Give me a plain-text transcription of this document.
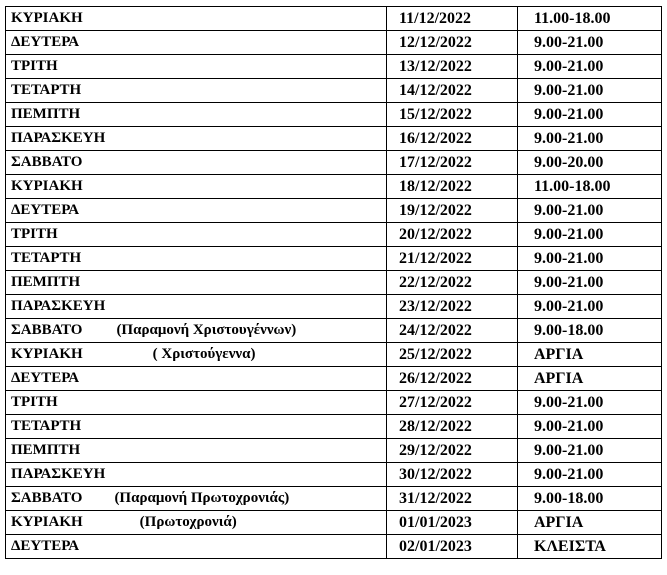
ΚΥΡΙΑΚΗ	11/12/2022	11.00-18.00
ΔΕΥΤΕΡΑ	12/12/2022	9.00-21.00
ΤΡΙΤΗ	13/12/2022	9.00-21.00
ΤΕΤΑΡΤΗ	14/12/2022	9.00-21.00
ΠΕΜΠΤΗ	15/12/2022	9.00-21.00
ΠΑΡΑΣΚΕΥΗ	16/12/2022	9.00-21.00
ΣΑΒΒΑΤΟ	17/12/2022	9.00-20.00
ΚΥΡΙΑΚΗ	18/12/2022	11.00-18.00
ΔΕΥΤΕΡΑ	19/12/2022	9.00-21.00
ΤΡΙΤΗ	20/12/2022	9.00-21.00
ΤΕΤΑΡΤΗ	21/12/2022	9.00-21.00
ΠΕΜΠΤΗ	22/12/2022	9.00-21.00
ΠΑΡΑΣΚΕΥΗ	23/12/2022	9.00-21.00
ΣΑΒΒΑΤΟ (Παραμονή Χριστουγέννων)	24/12/2022	9.00-18.00
ΚΥΡΙΑΚΗ ( Χριστούγεννα)	25/12/2022	ΑΡΓΙΑ
ΔΕΥΤΕΡΑ	26/12/2022	ΑΡΓΙΑ
ΤΡΙΤΗ	27/12/2022	9.00-21.00
ΤΕΤΑΡΤΗ	28/12/2022	9.00-21.00
ΠΕΜΠΤΗ	29/12/2022	9.00-21.00
ΠΑΡΑΣΚΕΥΗ	30/12/2022	9.00-21.00
ΣΑΒΒΑΤΟ (Παραμονή Πρωτοχρονιάς)	31/12/2022	9.00-18.00
ΚΥΡΙΑΚΗ (Πρωτοχρονιά)	01/01/2023	ΑΡΓΙΑ
ΔΕΥΤΕΡΑ	02/01/2023	ΚΛΕΙΣΤΑ
